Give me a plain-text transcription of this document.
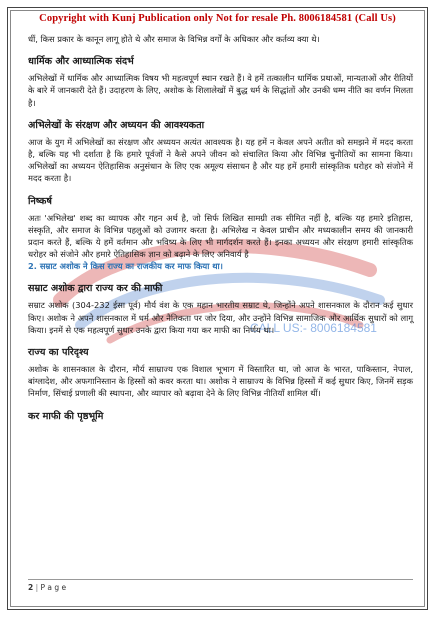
Copyright with Kunj Publication only Not for resale Ph. 8006184581 (Call Us)
CALL US:- 8006184581

धीं, किस प्रकार के कानून लागू होते थे और समाज के विभिन्न वर्गों के अधिकार और कर्तव्य क्या थे।

धार्मिक और आध्यात्मिक संदर्भ

अभिलेखों में धार्मिक और आध्यात्मिक विषय भी महत्वपूर्ण स्थान रखते हैं। वे हमें तत्कालीन धार्मिक प्रथाओं, मान्यताओं और रीतियों के बारे में जानकारी देते हैं। उदाहरण के लिए, अशोक के शिलालेखों में बुद्ध धर्म के सिद्धांतों और उनकी धम्म नीति का वर्णन मिलता है।

अभिलेखों के संरक्षण और अध्ययन की आवश्यकता

आज के युग में अभिलेखों का संरक्षण और अध्ययन अत्यंत आवश्यक है। यह हमें न केवल अपने अतीत को समझने में मदद करता है, बल्कि यह भी दर्शाता है कि हमारे पूर्वजों ने कैसे अपने जीवन को संचालित किया और विभिन्न चुनौतियों का सामना किया। अभिलेखों का अध्ययन ऐतिहासिक अनुसंधान के लिए एक अमूल्य संसाधन है और यह हमें हमारी सांस्कृतिक धरोहर को संजोने में मदद करता है।

निष्कर्ष

अतः 'अभिलेख' शब्द का व्यापक और गहन अर्थ है, जो सिर्फ लिखित सामग्री तक सीमित नहीं है, बल्कि यह हमारे इतिहास, संस्कृति, और समाज के विभिन्न पहलुओं को उजागर करता है। अभिलेख न केवल प्राचीन और मध्यकालीन समय की जानकारी प्रदान करते हैं, बल्कि ये हमें वर्तमान और भविष्य के लिए भी मार्गदर्शन करते हैं। इनका अध्ययन और संरक्षण हमारी सांस्कृतिक धरोहर को संजोने और हमारे ऐतिहासिक ज्ञान को बढ़ाने के लिए अनिवार्य है

2. सम्राट अशोक ने किस राज्य का राजकीय कर माफ किया था।
सम्राट अशोक द्वारा राज्य कर की माफी

सम्राट अशोक (304-232 ईसा पूर्व) मौर्य वंश के एक महान भारतीय सम्राट थे, जिन्होंने अपने शासनकाल के दौरान कई सुधार किए। अशोक ने अपने शासनकाल में धर्म और नैतिकता पर जोर दिया, और उन्होंने विभिन्न सामाजिक और आर्थिक सुधारों को लागू किया। इनमें से एक महत्वपूर्ण सुधार उनके द्वारा किया गया कर माफी का निर्णय था।

राज्य का परिदृश्य

अशोक के शासनकाल के दौरान, मौर्य साम्राज्य एक विशाल भूभाग में विस्तारित था, जो आज के भारत, पाकिस्तान, नेपाल, बांग्लादेश, और अफगानिस्तान के हिस्सों को कवर करता था। अशोक ने साम्राज्य के विभिन्न हिस्सों में कई सुधार किए, जिनमें सड़क निर्माण, सिंचाई प्रणाली की स्थापना, और व्यापार को बढ़ावा देने के लिए विभिन्न नीतियाँ शामिल थीं।

कर माफी की पृष्ठभूमि
2 | P a g e
